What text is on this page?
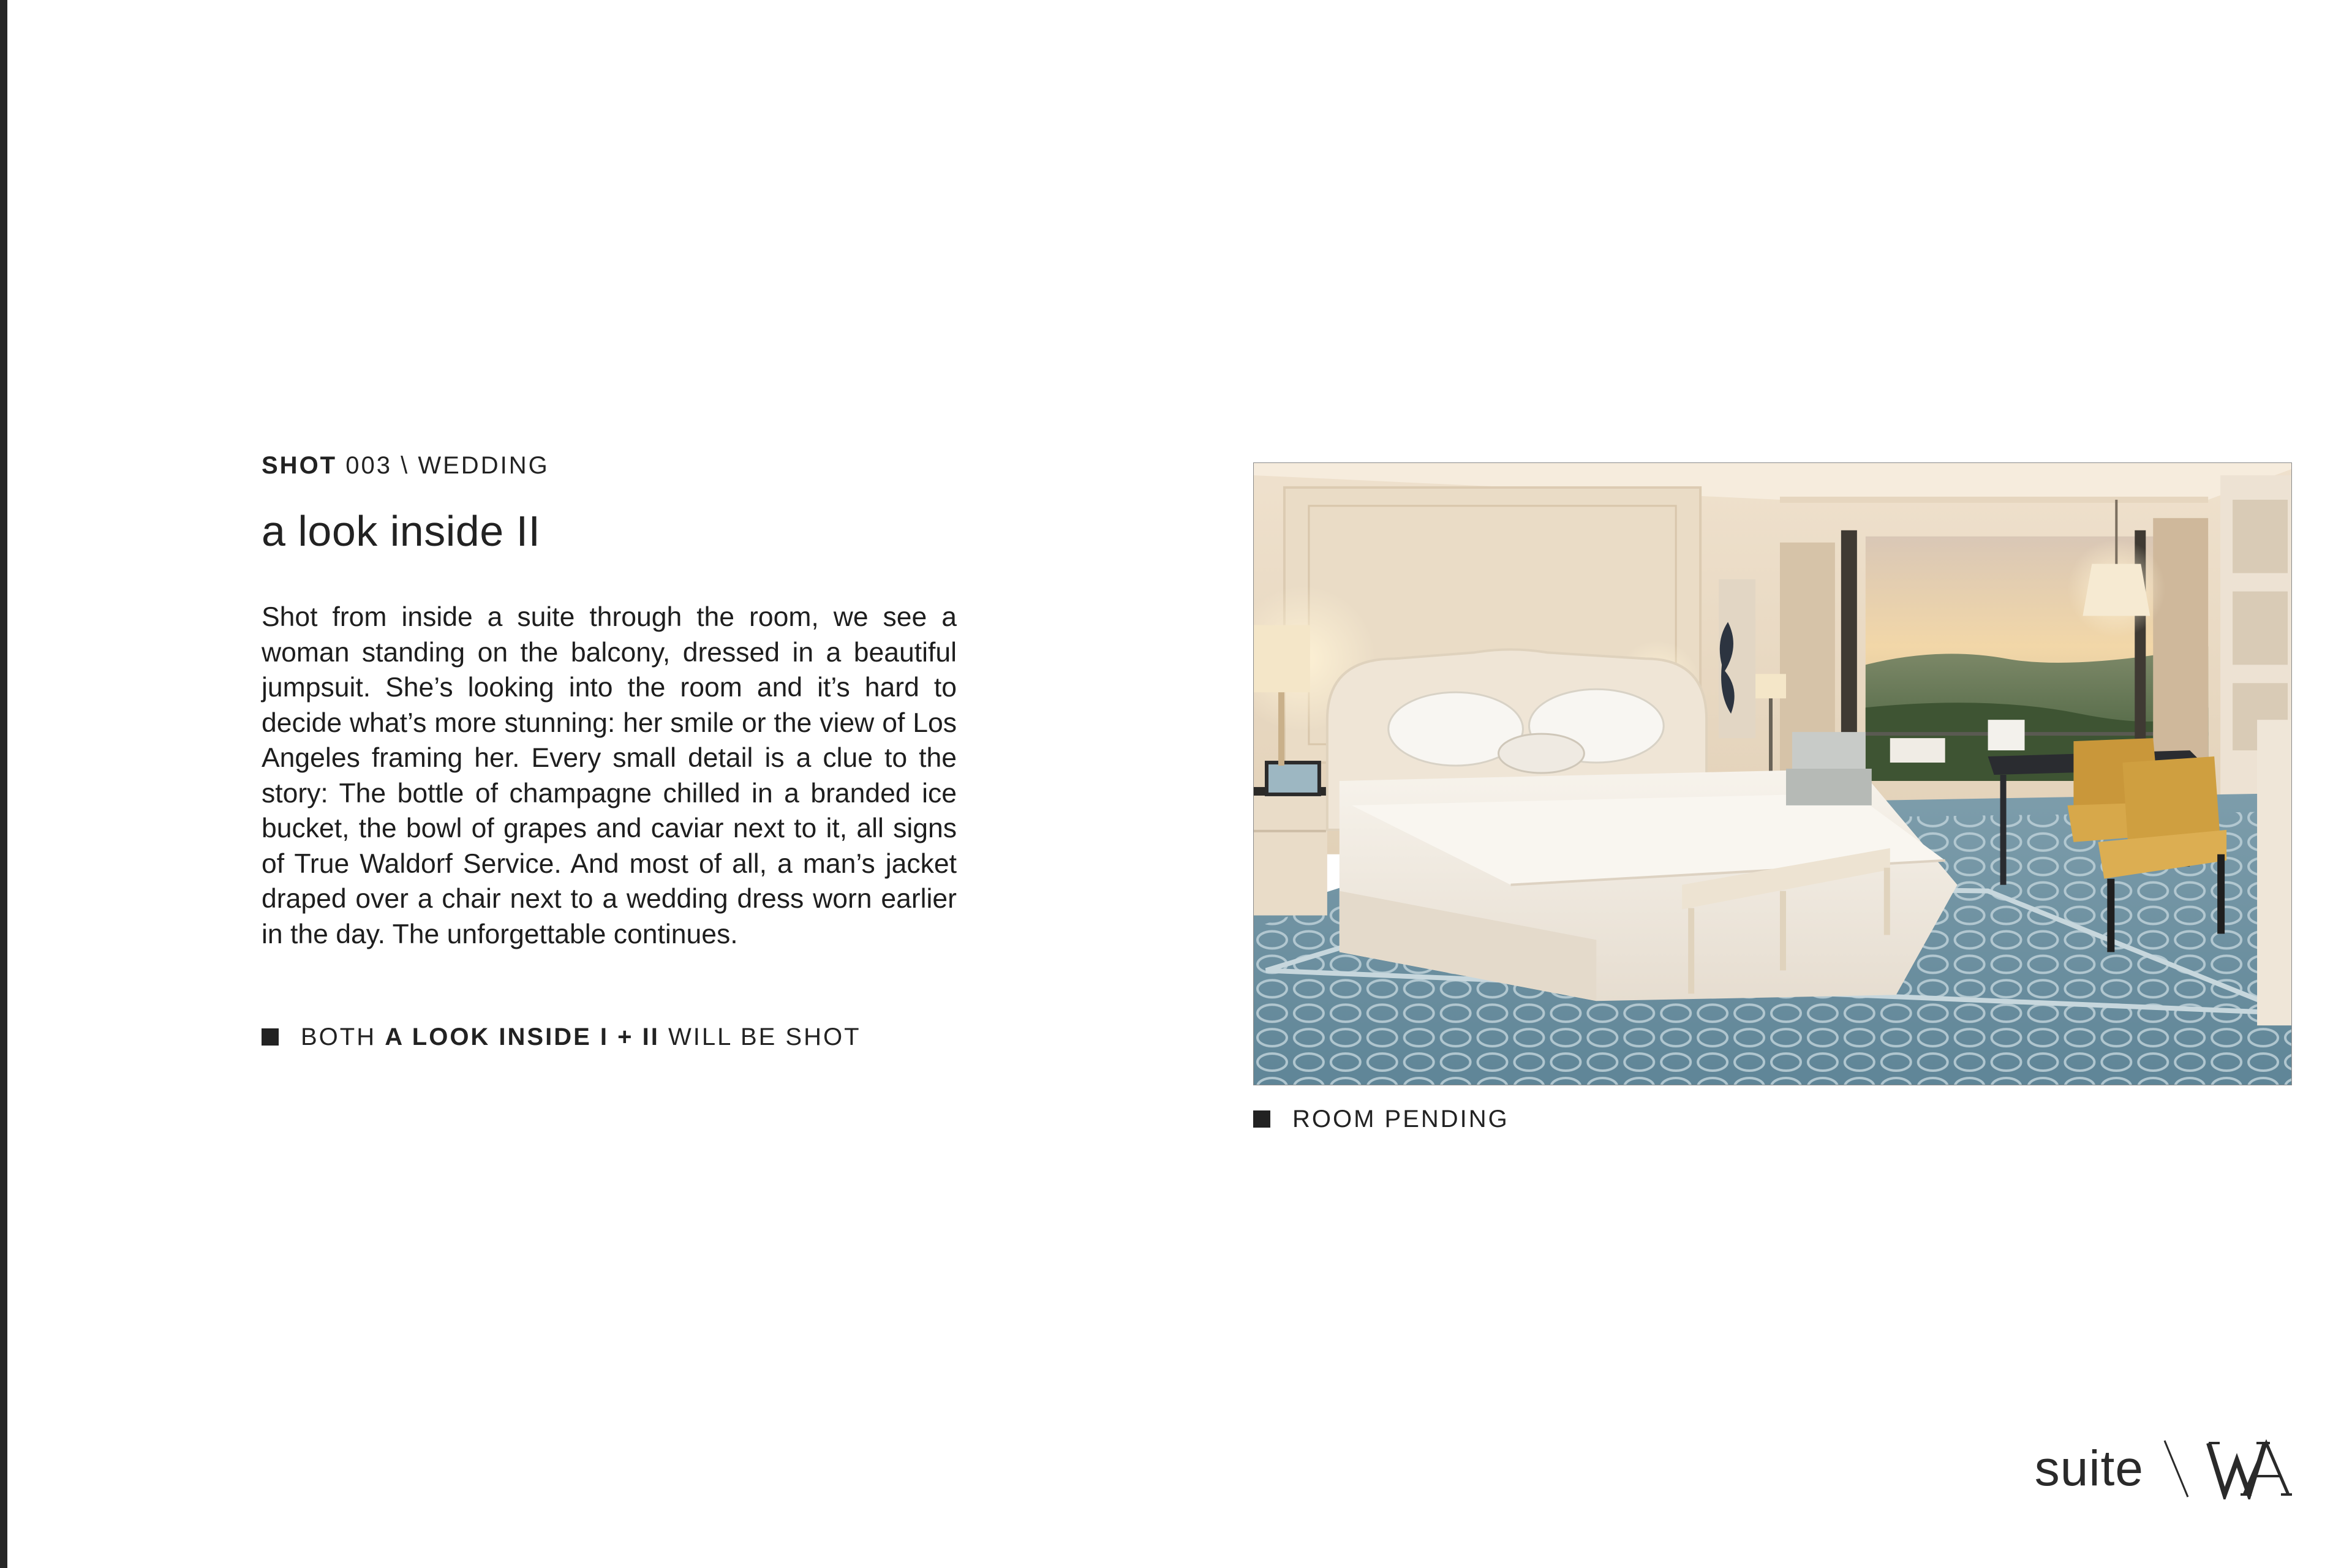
SHOT 003 \ WEDDING
a look inside II
Shot from inside a suite through the room, we see a woman standing on the balcony, dressed in a beautiful jumpsuit. She’s looking into the room and it’s hard to decide what’s more stunning: her smile or the view of Los Angeles framing her. Every small detail is a clue to the story: The bottle of champagne chilled in a branded ice bucket, the bowl of grapes and caviar next to it, all signs of True Waldorf Service. And most of all, a man’s jacket draped over a chair next to a wedding dress worn earlier in the day. The unforgettable continues.
BOTH A LOOK INSIDE I + II WILL BE SHOT
ROOM PENDING
suite
